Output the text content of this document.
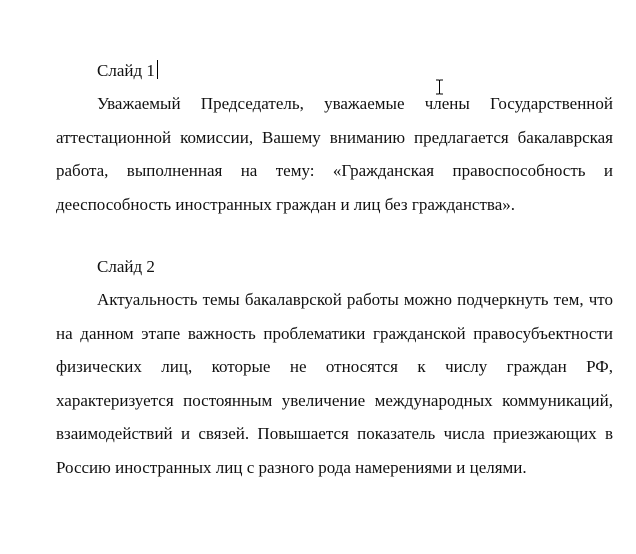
Слайд 1

Уважаемый Председатель, уважаемые члены Государственной аттестационной комиссии, Вашему вниманию предлагается бакалаврская работа, выполненная на тему: «Гражданская правоспособность и дееспособность иностранных граждан и лиц без гражданства».

Слайд 2

Актуальность темы бакалаврской работы можно подчеркнуть тем, что на данном этапе важность проблематики гражданской правосубъектности физических лиц, которые не относятся к числу граждан РФ, характеризуется постоянным увеличение международных коммуникаций, взаимодействий и связей. Повышается показатель числа приезжающих в Россию иностранных лиц с разного рода намерениями и целями.
